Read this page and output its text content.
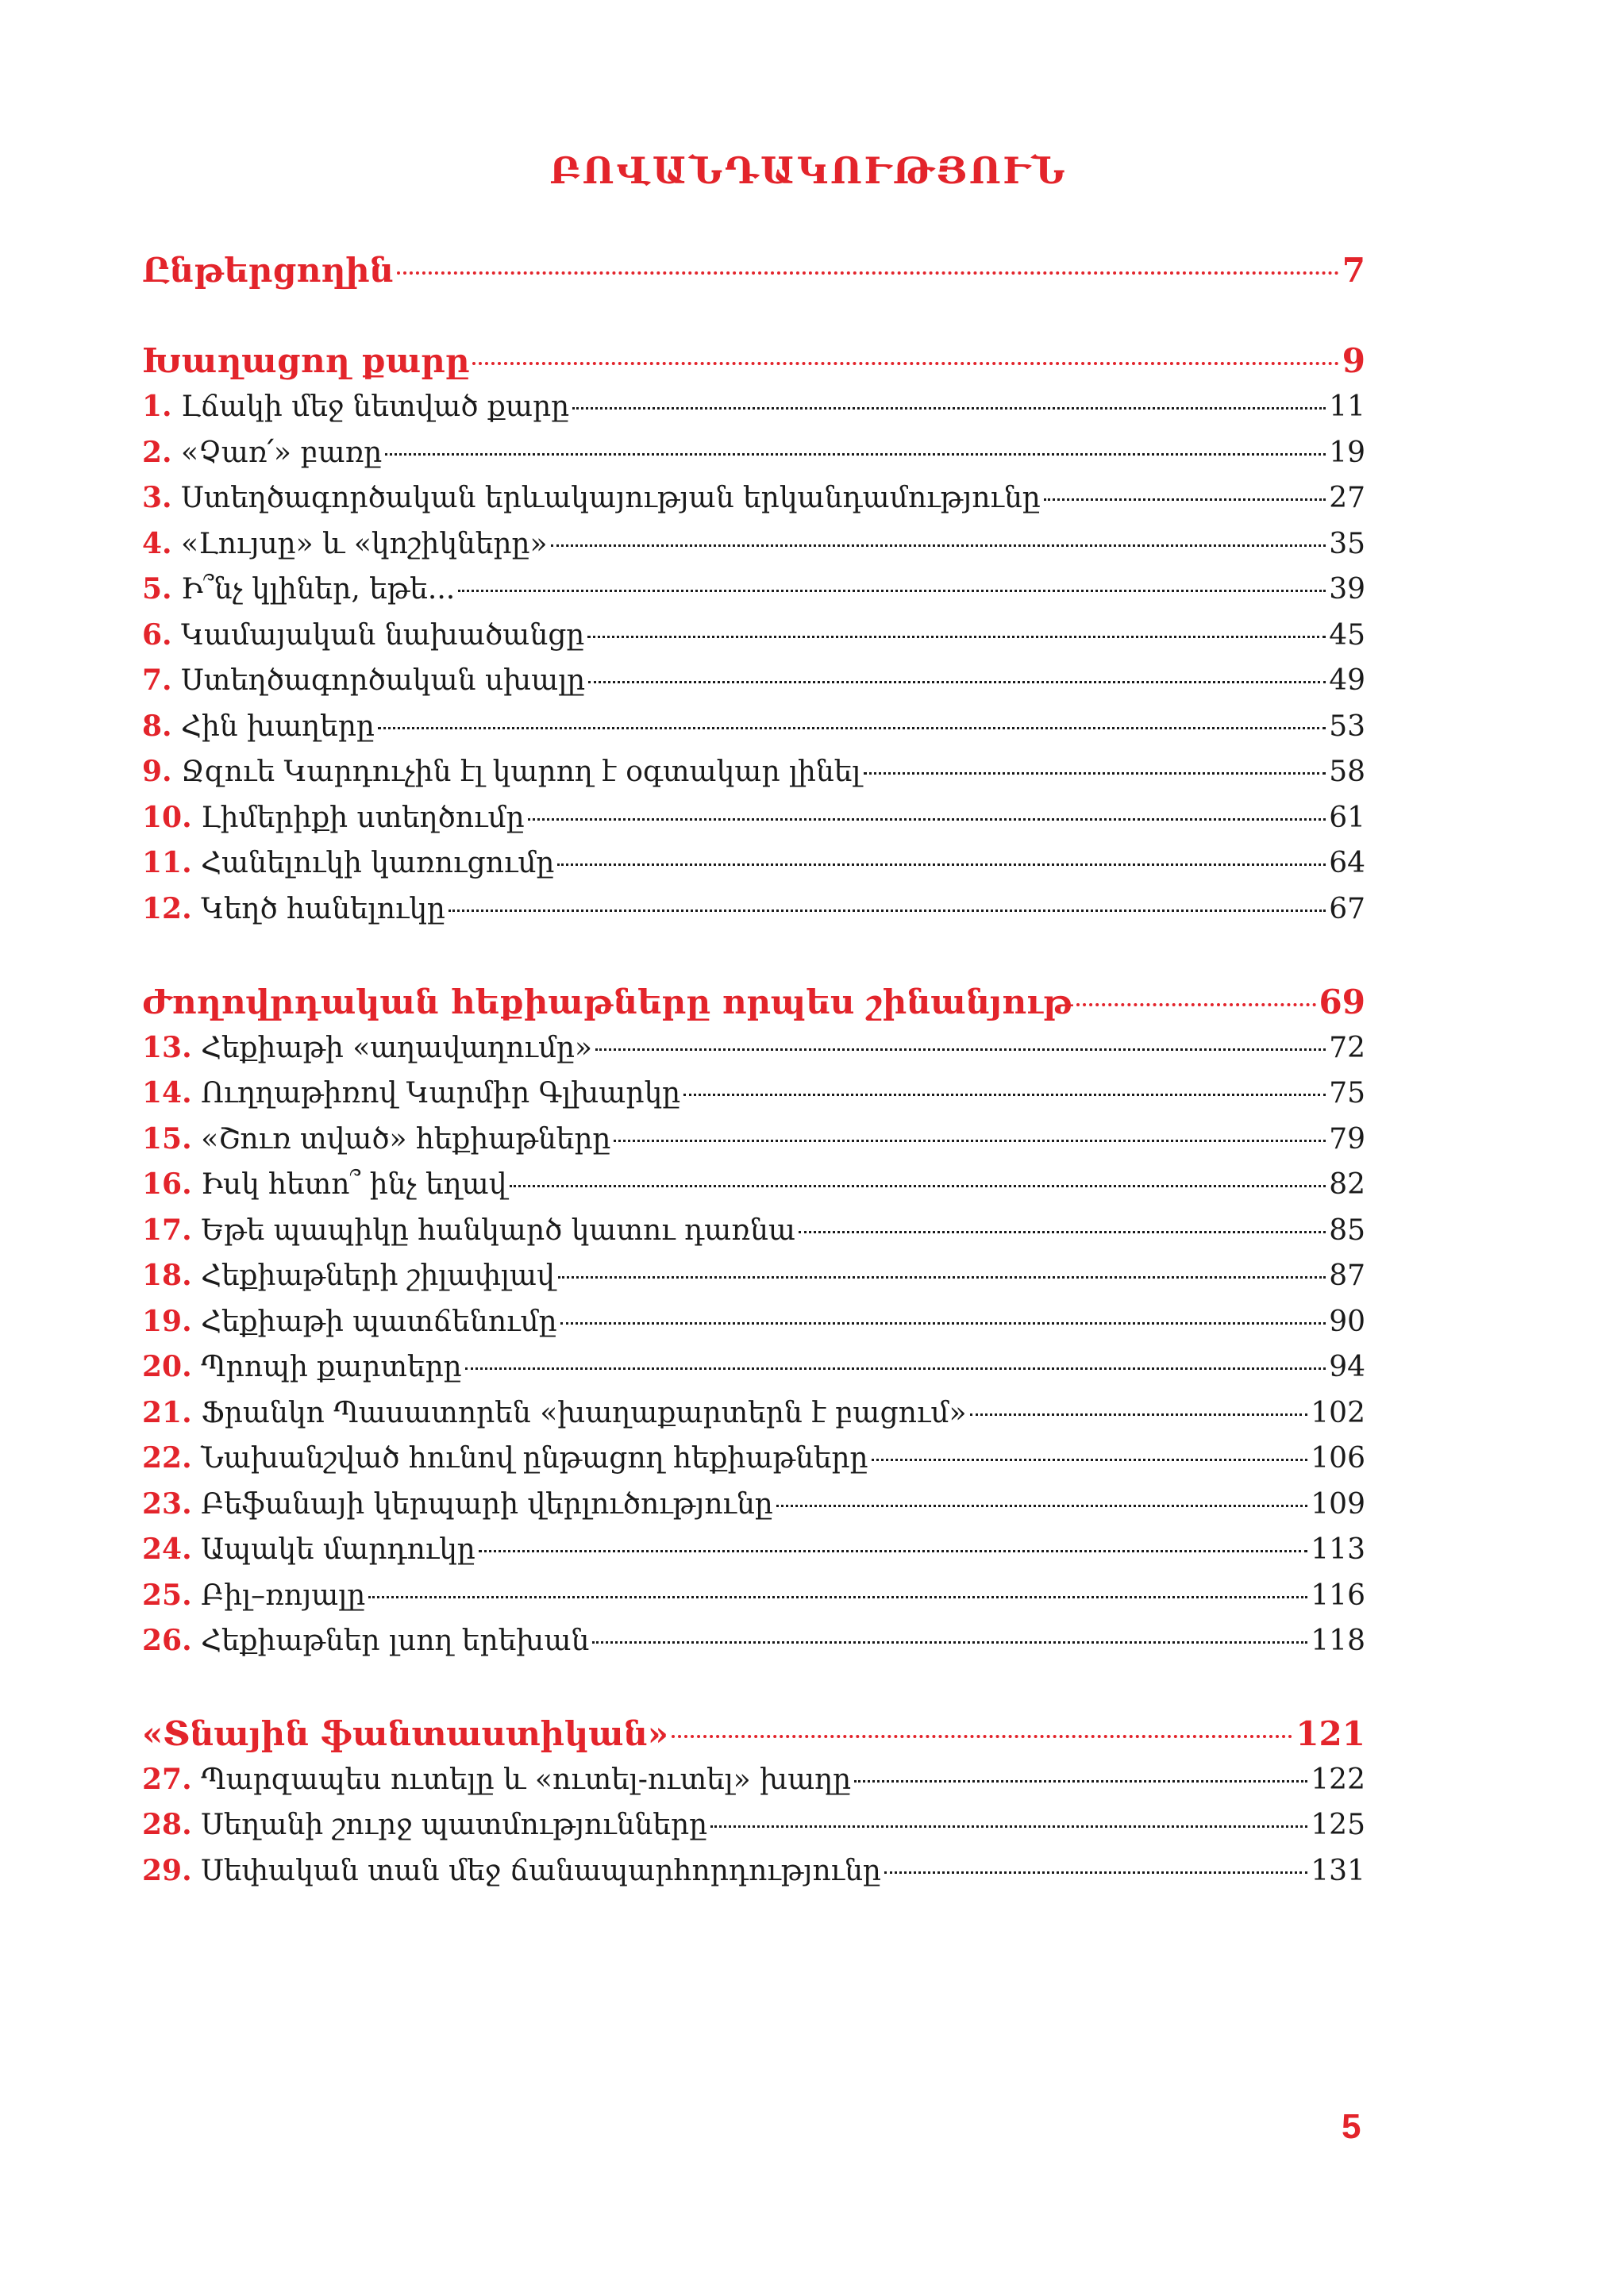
ԲՈՎԱՆԴԱԿՈՒԹՅՈՒՆ
Ընթերցողին	7
Խաղացող քարը	9
1. Լճակի մեջ նետված քարը	11
2. «Չառ՛» բառը	19
3. Ստեղծագործական երևակայության երկանդամությունը	27
4. «Լույսը» և «կոշիկները»	35
5. Ի՞նչ կլիներ, եթե...	39
6. Կամայական նախածանցը	45
7. Ստեղծագործական սխալը	49
8. Հին խաղերը	53
9. Ջզուե Կարդուչին էլ կարող է օգտակար լինել	58
10. Լիմերիքի ստեղծումը	61
11. Հանելուկի կառուցումը	64
12. Կեղծ հանելուկը	67
Ժողովրդական հեքիաթները որպես շինանյութ	69
13. Հեքիաթի «աղավաղումը»	72
14. Ուղղաթիռով Կարմիր Գլխարկը	75
15. «Շուռ տված» հեքիաթները	79
16. Իսկ հետո՞ ինչ եղավ	82
17. Եթե պապիկը հանկարծ կատու դառնա	85
18. Հեքիաթների շիլափլավ	87
19. Հեքիաթի պատճենումը	90
20. Պրոպի քարտերը	94
21. Ֆրանկո Պասատորեն «խաղաքարտերն է բացում»	102
22. Նախանշված հունով ընթացող հեքիաթները	106
23. Բեֆանայի կերպարի վերլուծությունը	109
24. Ապակե մարդուկը	113
25. Բիլ–ռոյալը	116
26. Հեքիաթներ լսող երեխան	118
«Տնային ֆանտաստիկան»	121
27. Պարզապես ուտելը և «ուտել-ուտել» խաղը	122
28. Սեղանի շուրջ պատմությունները	125
29. Սեփական տան մեջ ճանապարհորդությունը	131
5
